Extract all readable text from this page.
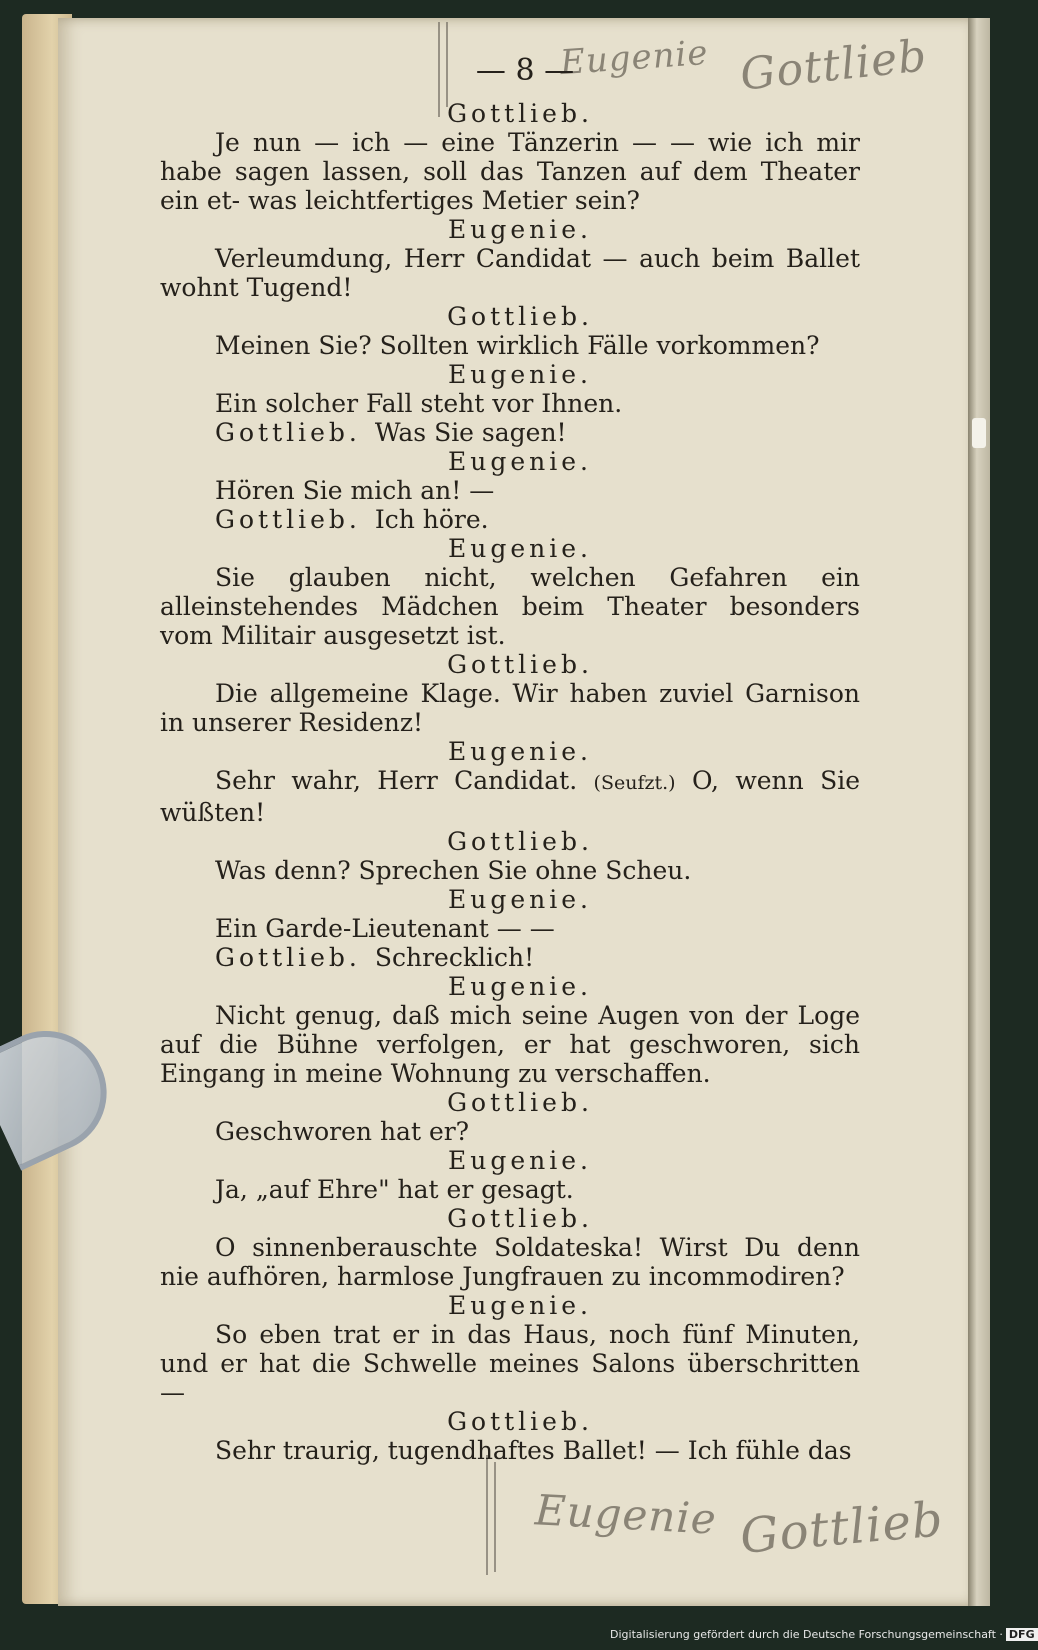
Eugenie Gottlieb
Eugenie Gottlieb
— 8 —
Gottlieb.
Je nun — ich — eine Tänzerin — — wie ich mir habe sagen lassen, soll das Tanzen auf dem Theater ein et- was leichtfertiges Metier sein?
Eugenie.
Verleumdung, Herr Candidat — auch beim Ballet wohnt Tugend!
Gottlieb.
Meinen Sie? Sollten wirklich Fälle vorkommen?
Eugenie.
Ein solcher Fall steht vor Ihnen.
Gottlieb. Was Sie sagen!
Eugenie.
Hören Sie mich an! —
Gottlieb. Ich höre.
Eugenie.
Sie glauben nicht, welchen Gefahren ein alleinstehendes Mädchen beim Theater besonders vom Militair ausgesetzt ist.
Gottlieb.
Die allgemeine Klage. Wir haben zuviel Garnison in unserer Residenz!
Eugenie.
Sehr wahr, Herr Candidat. (Seufzt.) O, wenn Sie wüßten!
Gottlieb.
Was denn? Sprechen Sie ohne Scheu.
Eugenie.
Ein Garde-Lieutenant — —
Gottlieb. Schrecklich!
Eugenie.
Nicht genug, daß mich seine Augen von der Loge auf die Bühne verfolgen, er hat geschworen, sich Eingang in meine Wohnung zu verschaffen.
Gottlieb.
Geschworen hat er?
Eugenie.
Ja, „auf Ehre" hat er gesagt.
Gottlieb.
O sinnenberauschte Soldateska! Wirst Du denn nie aufhören, harmlose Jungfrauen zu incommodiren?
Eugenie.
So eben trat er in das Haus, noch fünf Minuten, und er hat die Schwelle meines Salons überschritten —
Gottlieb.
Sehr traurig, tugendhaftes Ballet! — Ich fühle das
Digitalisierung gefördert durch die Deutsche Forschungsgemeinschaft · DFG
